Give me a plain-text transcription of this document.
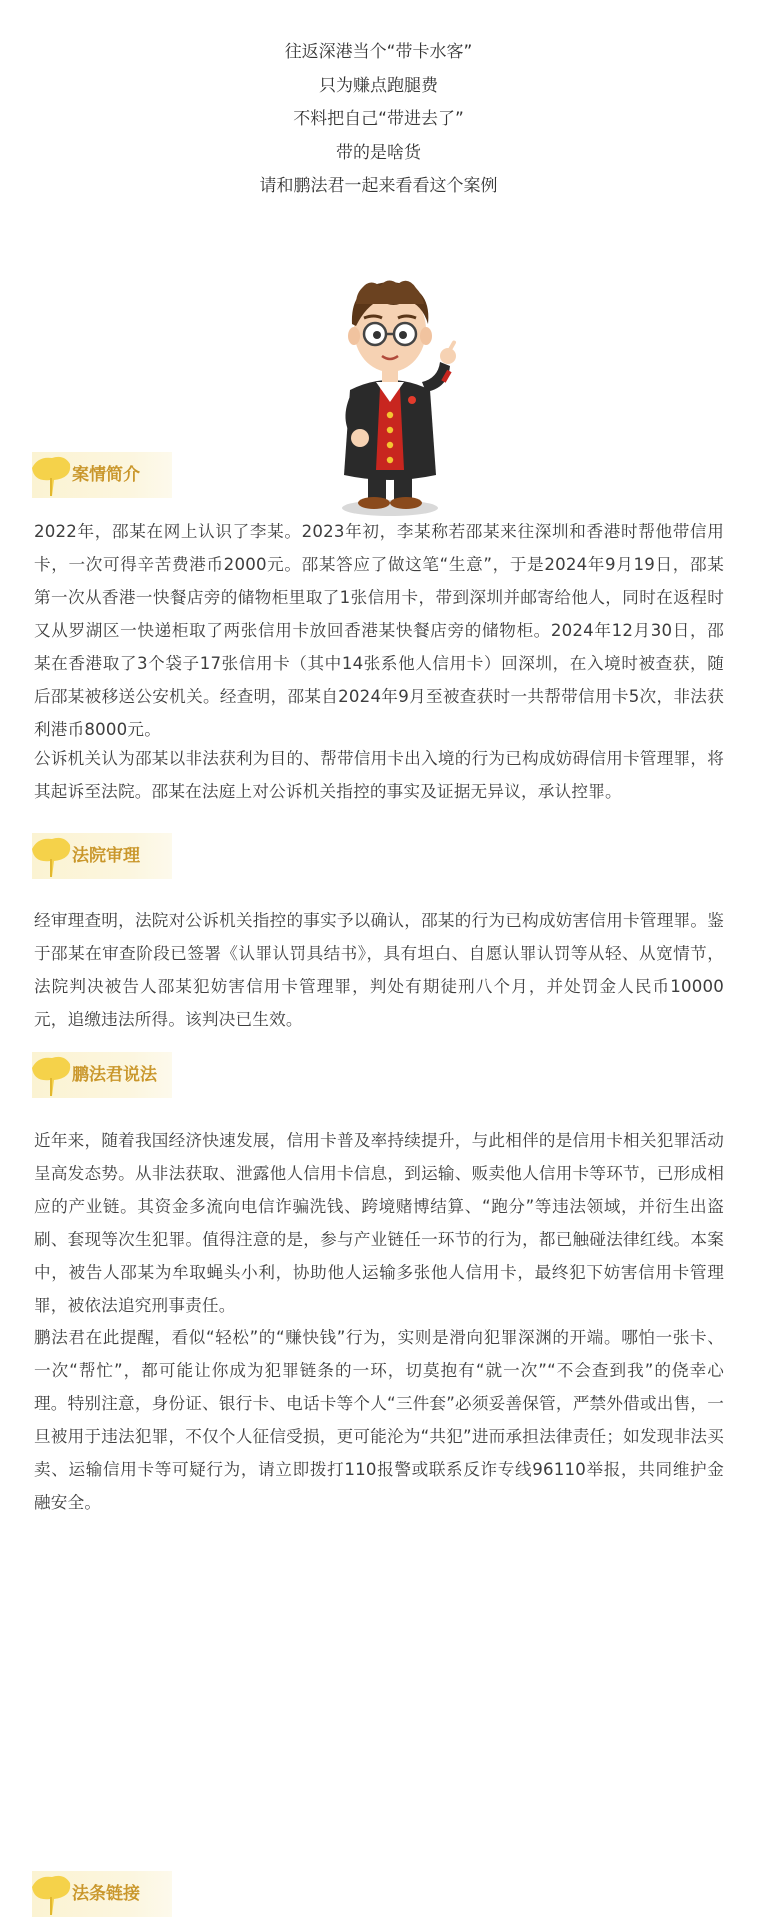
往返深港当个“带卡水客”
只为赚点跑腿费
不料把自己“带进去了”
带的是啥货
请和鹏法君一起来看看这个案例
案情简介

2022年，邵某在网上认识了李某。2023年初，李某称若邵某来往深圳和香港时帮他带信用卡，一次可得辛苦费港币2000元。邵某答应了做这笔“生意”，于是2024年9月19日，邵某第一次从香港一快餐店旁的储物柜里取了1张信用卡，带到深圳并邮寄给他人，同时在返程时又从罗湖区一快递柜取了两张信用卡放回香港某快餐店旁的储物柜。2024年12月30日，邵某在香港取了3个袋子17张信用卡（其中14张系他人信用卡）回深圳，在入境时被查获，随后邵某被移送公安机关。经查明，邵某自2024年9月至被查获时一共帮带信用卡5次，非法获利港币8000元。

公诉机关认为邵某以非法获利为目的、帮带信用卡出入境的行为已构成妨碍信用卡管理罪，将其起诉至法院。邵某在法庭上对公诉机关指控的事实及证据无异议，承认控罪。

法院审理

经审理查明，法院对公诉机关指控的事实予以确认，邵某的行为已构成妨害信用卡管理罪。鉴于邵某在审查阶段已签署《认罪认罚具结书》，具有坦白、自愿认罪认罚等从轻、从宽情节，法院判决被告人邵某犯妨害信用卡管理罪，判处有期徒刑八个月，并处罚金人民币10000元，追缴违法所得。该判决已生效。

鹏法君说法

近年来，随着我国经济快速发展，信用卡普及率持续提升，与此相伴的是信用卡相关犯罪活动呈高发态势。从非法获取、泄露他人信用卡信息，到运输、贩卖他人信用卡等环节，已形成相应的产业链。其资金多流向电信诈骗洗钱、跨境赌博结算、“跑分”等违法领域，并衍生出盗刷、套现等次生犯罪。值得注意的是，参与产业链任一环节的行为，都已触碰法律红线。本案中，被告人邵某为牟取蝇头小利，协助他人运输多张他人信用卡，最终犯下妨害信用卡管理罪，被依法追究刑事责任。

鹏法君在此提醒，看似“轻松”的“赚快钱”行为，实则是滑向犯罪深渊的开端。哪怕一张卡、一次“帮忙”，都可能让你成为犯罪链条的一环，切莫抱有“就一次”“不会查到我”的侥幸心理。特别注意，身份证、银行卡、电话卡等个人“三件套”必须妥善保管，严禁外借或出售，一旦被用于违法犯罪，不仅个人征信受损，更可能沦为“共犯”进而承担法律责任；如发现非法买卖、运输信用卡等可疑行为，请立即拨打110报警或联系反诈专线96110举报，共同维护金融安全。

法条链接
